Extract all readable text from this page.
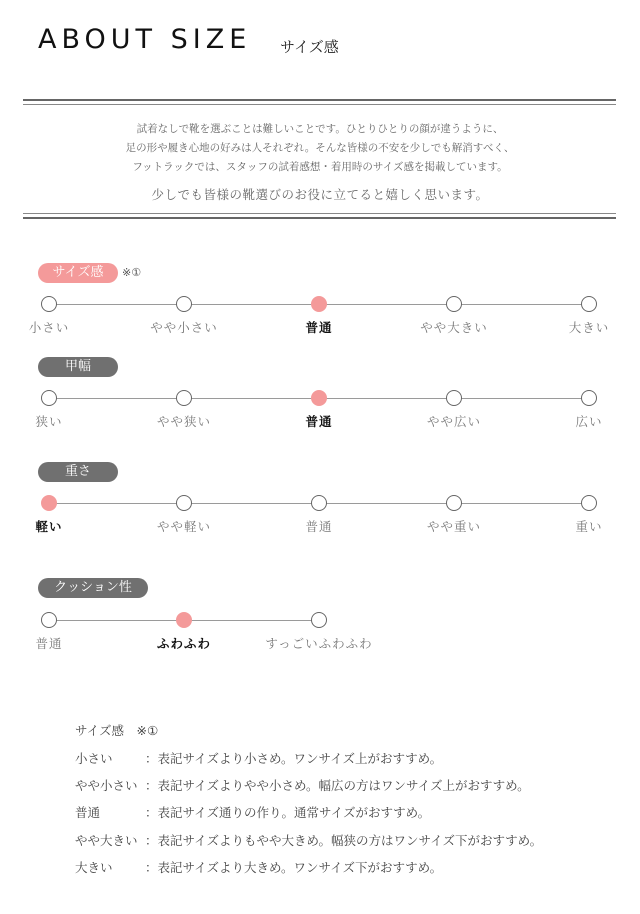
ABOUT SIZE サイズ感
試着なしで靴を選ぶことは難しいことです。ひとりひとりの顔が違うように、
足の形や履き心地の好みは人それぞれ。そんな皆様の不安を少しでも解消すべく、
フットラックでは、スタッフの試着感想・着用時のサイズ感を掲載しています。
少しでも皆様の靴選びのお役に立てると嬉しく思います。
サイズ感　※①
小さい	：表記サイズより小さめ。ワンサイズ上がおすすめ。
やや小さい ：表記サイズよりやや小さめ。幅広の方はワンサイズ上がおすすめ。
普通	：表記サイズ通りの作り。通常サイズがおすすめ。
やや大きい ：表記サイズよりもやや大きめ。幅狭の方はワンサイズ下がおすすめ。
大きい	：表記サイズより大きめ。ワンサイズ下がおすすめ。
サイズ感	※①
小さい	やや小さい	普通	やや大きい	大きい
甲幅
狭い	やや狭い	普通	やや広い	広い
重さ
軽い	やや軽い	普通	やや重い	重い
クッション性
普通	ふわふわ	すっごいふわふわ
